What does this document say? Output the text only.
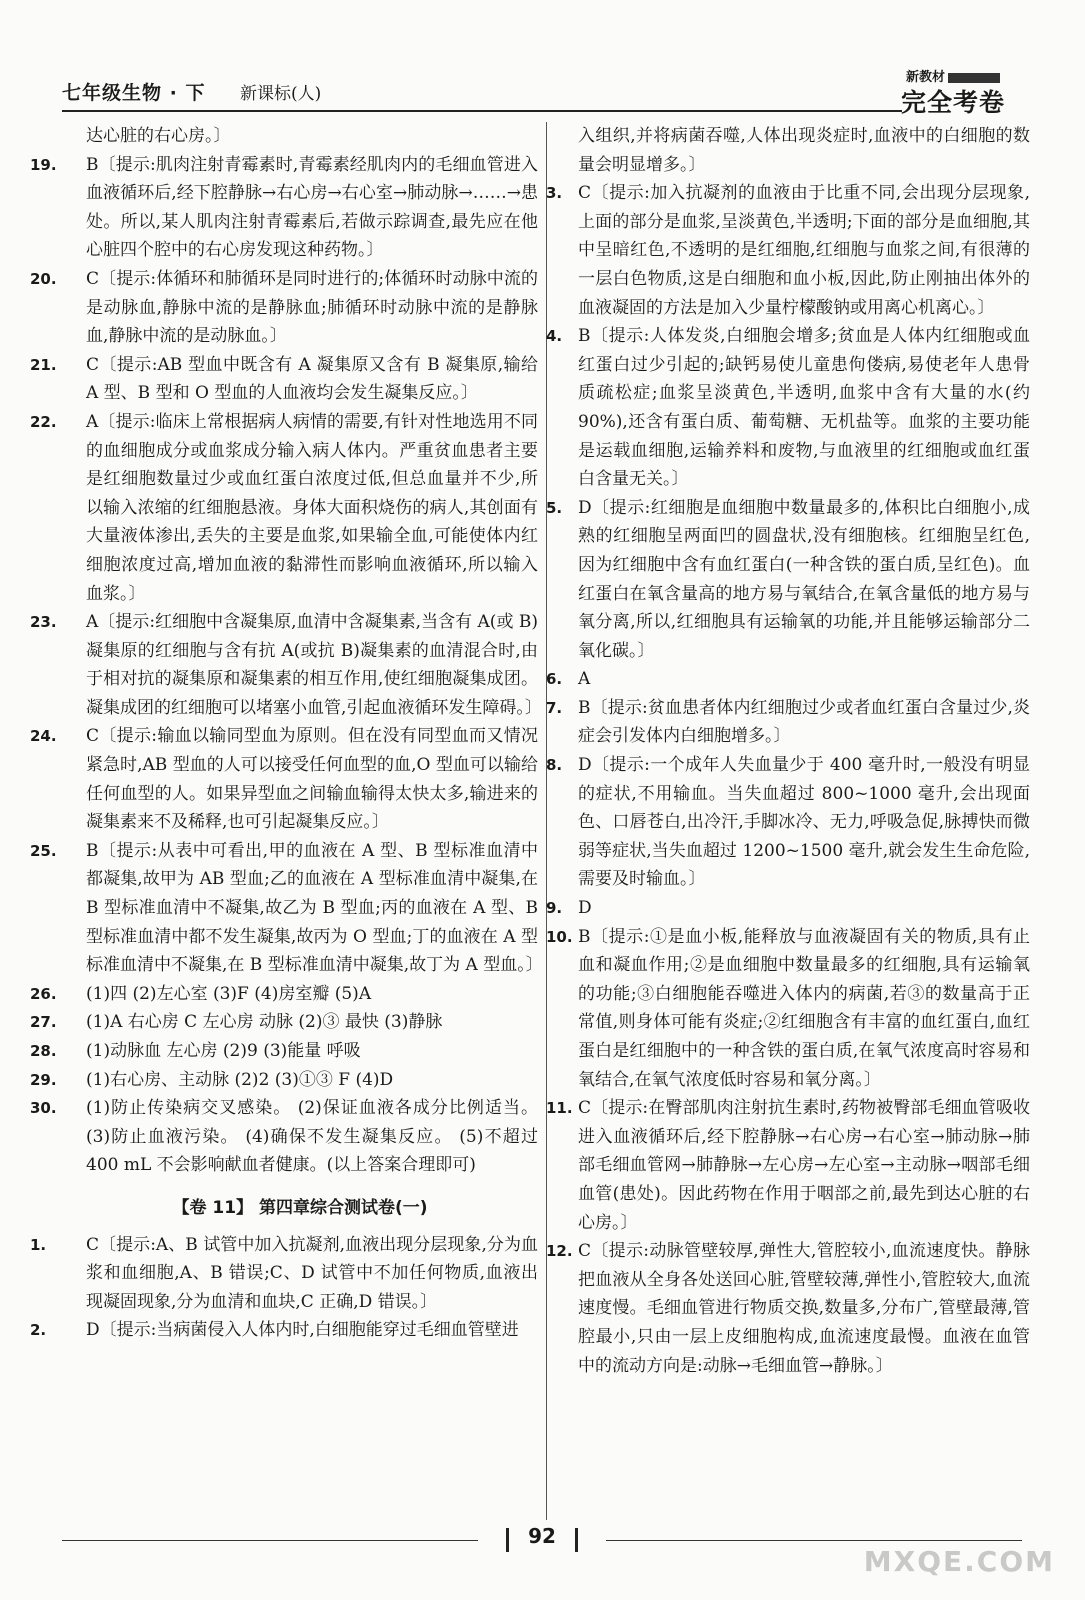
七年级生物 · 下 新课标(人)
新教材
完全考卷
达心脏的右心房。〕
19. B〔提示:肌肉注射青霉素时,青霉素经肌肉内的毛细血管进入血液循环后,经下腔静脉→右心房→右心室→肺动脉→……→患处。所以,某人肌肉注射青霉素后,若做示踪调查,最先应在他心脏四个腔中的右心房发现这种药物。〕
20. C〔提示:体循环和肺循环是同时进行的;体循环时动脉中流的是动脉血,静脉中流的是静脉血;肺循环时动脉中流的是静脉血,静脉中流的是动脉血。〕
21. C〔提示:AB 型血中既含有 A 凝集原又含有 B 凝集原,输给 A 型、B 型和 O 型血的人血液均会发生凝集反应。〕
22. A〔提示:临床上常根据病人病情的需要,有针对性地选用不同的血细胞成分或血浆成分输入病人体内。严重贫血患者主要是红细胞数量过少或血红蛋白浓度过低,但总血量并不少,所以输入浓缩的红细胞悬液。身体大面积烧伤的病人,其创面有大量液体渗出,丢失的主要是血浆,如果输全血,可能使体内红细胞浓度过高,增加血液的黏滞性而影响血液循环,所以输入血浆。〕
23. A〔提示:红细胞中含凝集原,血清中含凝集素,当含有 A(或 B)凝集原的红细胞与含有抗 A(或抗 B)凝集素的血清混合时,由于相对抗的凝集原和凝集素的相互作用,使红细胞凝集成团。凝集成团的红细胞可以堵塞小血管,引起血液循环发生障碍。〕
24. C〔提示:输血以输同型血为原则。但在没有同型血而又情况紧急时,AB 型血的人可以接受任何血型的血,O 型血可以输给任何血型的人。如果异型血之间输血输得太快太多,输进来的凝集素来不及稀释,也可引起凝集反应。〕
25. B〔提示:从表中可看出,甲的血液在 A 型、B 型标准血清中都凝集,故甲为 AB 型血;乙的血液在 A 型标准血清中凝集,在 B 型标准血清中不凝集,故乙为 B 型血;丙的血液在 A 型、B 型标准血清中都不发生凝集,故丙为 O 型血;丁的血液在 A 型标准血清中不凝集,在 B 型标准血清中凝集,故丁为 A 型血。〕
26. (1)四 (2)左心室 (3)F (4)房室瓣 (5)A
27. (1)A 右心房 C 左心房 动脉 (2)③ 最快 (3)静脉
28. (1)动脉血 左心房 (2)9 (3)能量 呼吸
29. (1)右心房、主动脉 (2)2 (3)①③ F (4)D
30. (1)防止传染病交叉感染。 (2)保证血液各成分比例适当。 (3)防止血液污染。 (4)确保不发生凝集反应。 (5)不超过 400 mL 不会影响献血者健康。(以上答案合理即可)
【卷 11】 第四章综合测试卷(一)
1. C〔提示:A、B 试管中加入抗凝剂,血液出现分层现象,分为血浆和血细胞,A、B 错误;C、D 试管中不加任何物质,血液出现凝固现象,分为血清和血块,C 正确,D 错误。〕
2. D〔提示:当病菌侵入人体内时,白细胞能穿过毛细血管壁进
入组织,并将病菌吞噬,人体出现炎症时,血液中的白细胞的数量会明显增多。〕
3. C〔提示:加入抗凝剂的血液由于比重不同,会出现分层现象,上面的部分是血浆,呈淡黄色,半透明;下面的部分是血细胞,其中呈暗红色,不透明的是红细胞,红细胞与血浆之间,有很薄的一层白色物质,这是白细胞和血小板,因此,防止刚抽出体外的血液凝固的方法是加入少量柠檬酸钠或用离心机离心。〕
4. B〔提示:人体发炎,白细胞会增多;贫血是人体内红细胞或血红蛋白过少引起的;缺钙易使儿童患佝偻病,易使老年人患骨质疏松症;血浆呈淡黄色,半透明,血浆中含有大量的水(约 90%),还含有蛋白质、葡萄糖、无机盐等。血浆的主要功能是运载血细胞,运输养料和废物,与血液里的红细胞或血红蛋白含量无关。〕
5. D〔提示:红细胞是血细胞中数量最多的,体积比白细胞小,成熟的红细胞呈两面凹的圆盘状,没有细胞核。红细胞呈红色,因为红细胞中含有血红蛋白(一种含铁的蛋白质,呈红色)。血红蛋白在氧含量高的地方易与氧结合,在氧含量低的地方易与氧分离,所以,红细胞具有运输氧的功能,并且能够运输部分二氧化碳。〕
6. A
7. B〔提示:贫血患者体内红细胞过少或者血红蛋白含量过少,炎症会引发体内白细胞增多。〕
8. D〔提示:一个成年人失血量少于 400 毫升时,一般没有明显的症状,不用输血。当失血超过 800~1000 毫升,会出现面色、口唇苍白,出冷汗,手脚冰冷、无力,呼吸急促,脉搏快而微弱等症状,当失血超过 1200~1500 毫升,就会发生生命危险,需要及时输血。〕
9. D
10. B〔提示:①是血小板,能释放与血液凝固有关的物质,具有止血和凝血作用;②是血细胞中数量最多的红细胞,具有运输氧的功能;③白细胞能吞噬进入体内的病菌,若③的数量高于正常值,则身体可能有炎症;②红细胞含有丰富的血红蛋白,血红蛋白是红细胞中的一种含铁的蛋白质,在氧气浓度高时容易和氧结合,在氧气浓度低时容易和氧分离。〕
11. C〔提示:在臀部肌肉注射抗生素时,药物被臀部毛细血管吸收进入血液循环后,经下腔静脉→右心房→右心室→肺动脉→肺部毛细血管网→肺静脉→左心房→左心室→主动脉→咽部毛细血管(患处)。因此药物在作用于咽部之前,最先到达心脏的右心房。〕
12. C〔提示:动脉管壁较厚,弹性大,管腔较小,血流速度快。静脉把血液从全身各处送回心脏,管壁较薄,弹性小,管腔较大,血流速度慢。毛细血管进行物质交换,数量多,分布广,管壁最薄,管腔最小,只由一层上皮细胞构成,血流速度最慢。血液在血管中的流动方向是:动脉→毛细血管→静脉。〕
92
MXQE.COM
